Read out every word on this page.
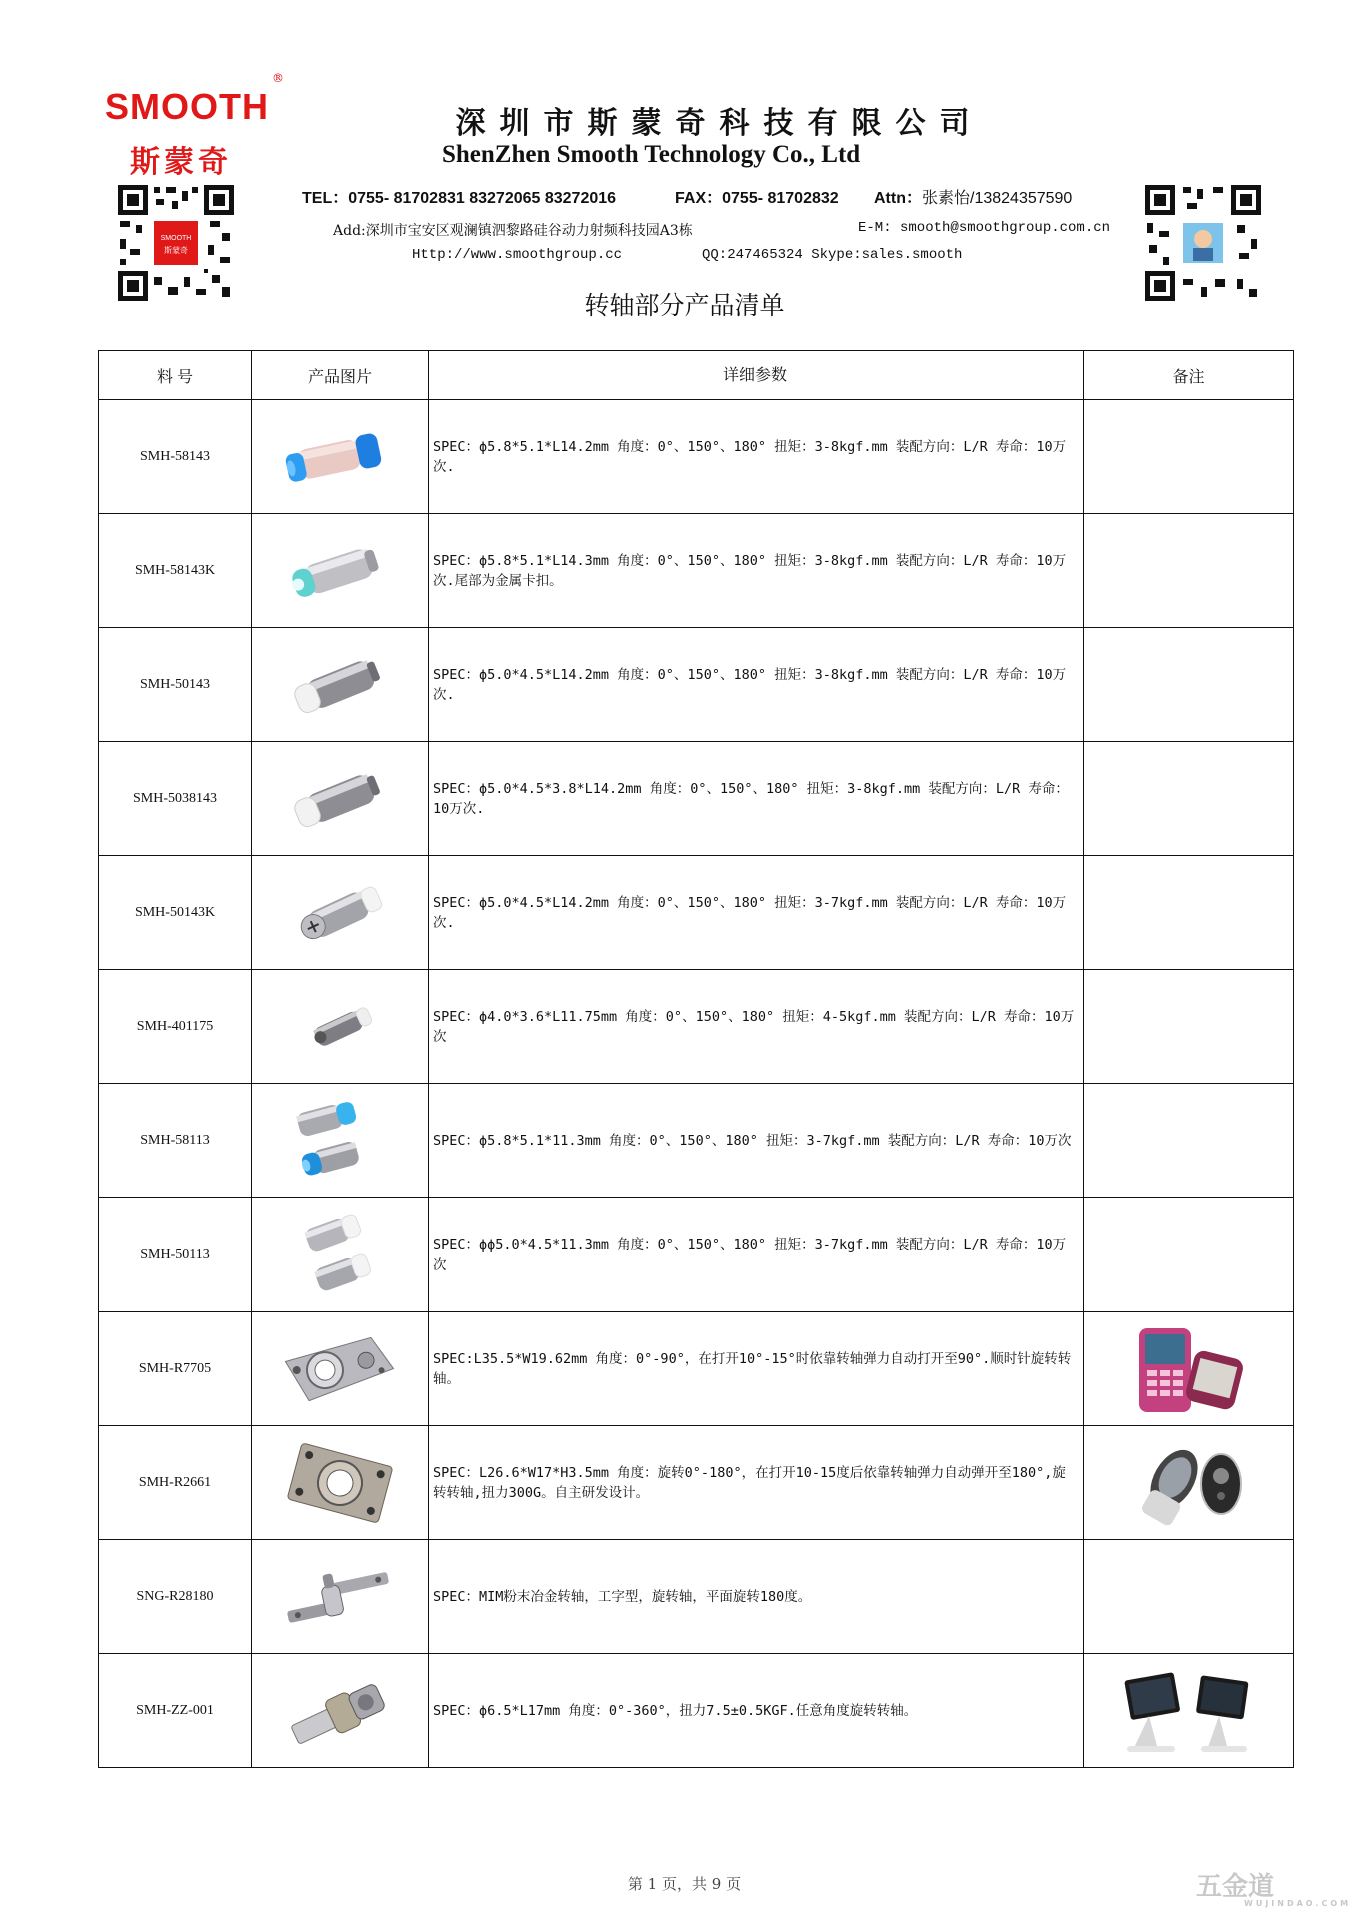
SMOOTH
®
斯蒙奇
深圳市斯蒙奇科技有限公司
ShenZhen Smooth Technology Co., Ltd
TEL：0755- 81702831 83272065 83272016	FAX：0755- 81702832 Attn：张素怡/13824357590
Add:深圳市宝安区观澜镇泗黎路硅谷动力射频科技园A3栋	E-M: smooth@smoothgroup.com.cn
Http://www.smoothgroup.cc	QQ:247465324 Skype:sales.smooth
SMOOTH
斯蒙奇
转轴部分产品清单
料 号	产品图片	详细参数	备注
SMH-58143		SPEC：ϕ5.8*5.1*L14.2mm 角度：0°、150°、180° 扭矩：3-8kgf.mm 装配方向：L/R 寿命：10万次.	
SMH-58143K		SPEC：ϕ5.8*5.1*L14.3mm 角度：0°、150°、180° 扭矩：3-8kgf.mm 装配方向：L/R 寿命：10万次.尾部为金属卡扣。	
SMH-50143		SPEC：ϕ5.0*4.5*L14.2mm 角度：0°、150°、180° 扭矩：3-8kgf.mm 装配方向：L/R 寿命：10万次.	
SMH-5038143		SPEC：ϕ5.0*4.5*3.8*L14.2mm 角度：0°、150°、180° 扭矩：3-8kgf.mm 装配方向：L/R 寿命：10万次.	
SMH-50143K		SPEC：ϕ5.0*4.5*L14.2mm 角度：0°、150°、180° 扭矩：3-7kgf.mm 装配方向：L/R 寿命：10万次.	
SMH-401175		SPEC：ϕ4.0*3.6*L11.75mm 角度：0°、150°、180° 扭矩：4-5kgf.mm 装配方向：L/R 寿命：10万次	
SMH-58113		SPEC：ϕ5.8*5.1*11.3mm 角度：0°、150°、180° 扭矩：3-7kgf.mm 装配方向：L/R 寿命：10万次	
SMH-50113		SPEC：ϕϕ5.0*4.5*11.3mm 角度：0°、150°、180° 扭矩：3-7kgf.mm 装配方向：L/R 寿命：10万次	
SMH-R7705		SPEC:L35.5*W19.62mm 角度：0°-90°，在打开10°-15°时依靠转轴弹力自动打开至90°.顺时针旋转转轴。	

SMH-R2661		SPEC：L26.6*W17*H3.5mm 角度：旋转0°-180°，在打开10-15度后依靠转轴弹力自动弹开至180°,旋转转轴,扭力300G。自主研发设计。	

SNG-R28180		SPEC：MIM粉末冶金转轴，工字型，旋转轴，平面旋转180度。	
SMH-ZZ-001		SPEC：ϕ6.5*L17mm 角度：0°-360°，扭力7.5±0.5KGF.任意角度旋转转轴。	
第 1 页，共 9 页	五金道
WUJINDAO.COM
